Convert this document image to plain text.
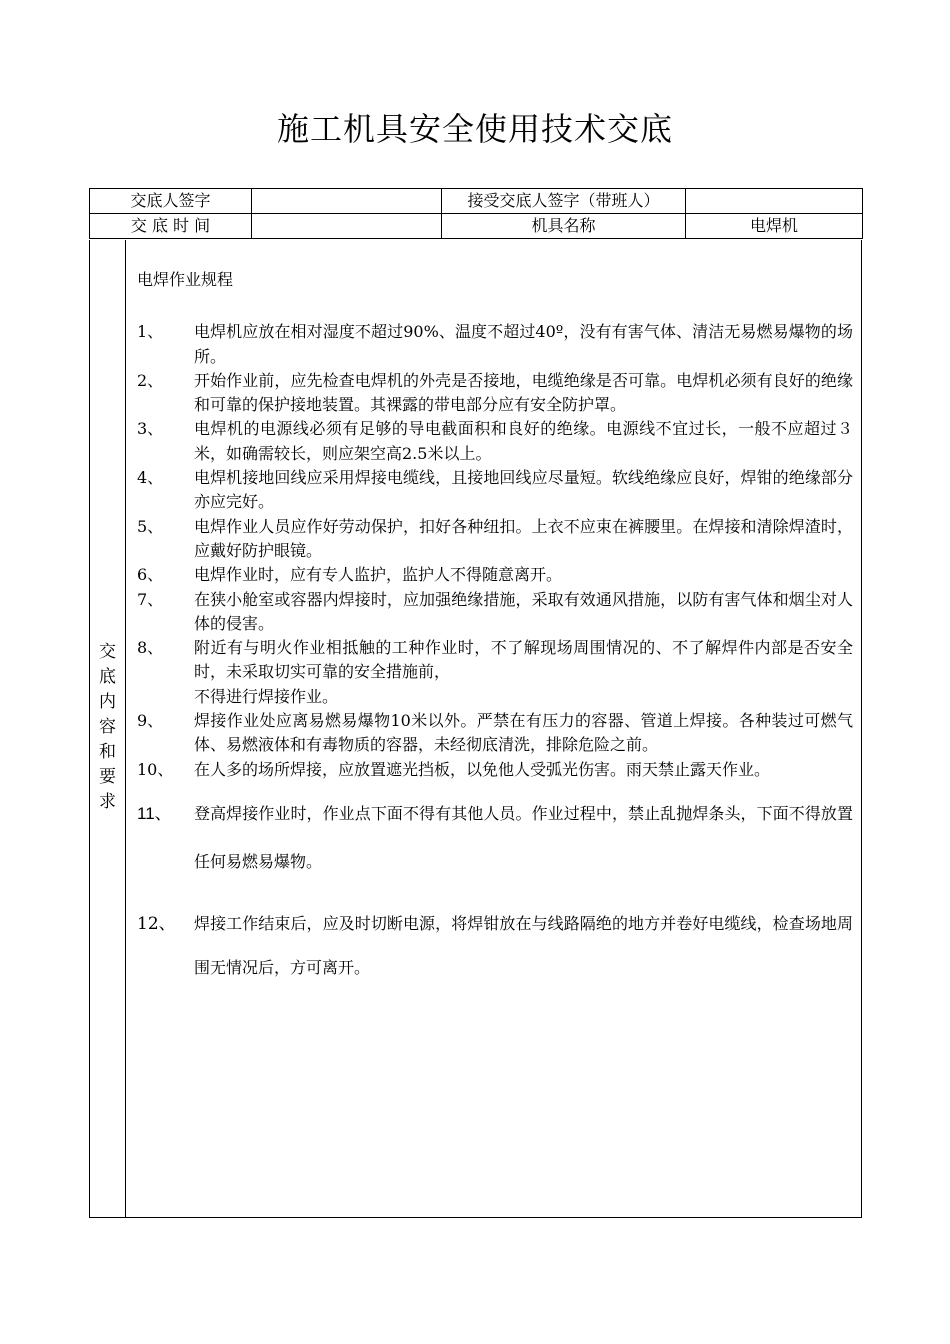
施工机具安全使用技术交底
交底人签字		接受交底人签字（带班人）	
交 底 时 间		机具名称	电焊机
交
底
内
容
和
要
求
电焊作业规程
1、	电焊机应放在相对湿度不超过90%、温度不超过40º，没有有害气体、清洁无易燃易爆物的场所。
2、	开始作业前，应先检查电焊机的外壳是否接地，电缆绝缘是否可靠。电焊机必须有良好的绝缘和可靠的保护接地装置。其裸露的带电部分应有安全防护罩。
3、	电焊机的电源线必须有足够的导电截面积和良好的绝缘。电源线不宜过长，一般不应超过３米，如确需较长，则应架空高2.5米以上。
4、	电焊机接地回线应采用焊接电缆线，且接地回线应尽量短。软线绝缘应良好，焊钳的绝缘部分亦应完好。
5、	电焊作业人员应作好劳动保护，扣好各种纽扣。上衣不应束在裤腰里。在焊接和清除焊渣时，应戴好防护眼镜。
6、	电焊作业时，应有专人监护，监护人不得随意离开。
7、	在狭小舱室或容器内焊接时，应加强绝缘措施，采取有效通风措施，以防有害气体和烟尘对人体的侵害。
8、	附近有与明火作业相抵触的工种作业时，不了解现场周围情况的、不了解焊件内部是否安全时，未采取切实可靠的安全措施前，
不得进行焊接作业。
9、	焊接作业处应离易燃易爆物10米以外。严禁在有压力的容器、管道上焊接。各种装过可燃气体、易燃液体和有毒物质的容器，未经彻底清洗，排除危险之前。
10、	在人多的场所焊接，应放置遮光挡板，以免他人受弧光伤害。雨天禁止露天作业。
11、	登高焊接作业时，作业点下面不得有其他人员。作业过程中，禁止乱抛焊条头，下面不得放置任何易燃易爆物。
12、	焊接工作结束后，应及时切断电源，将焊钳放在与线路隔绝的地方并卷好电缆线，检查场地周围无情况后，方可离开。
